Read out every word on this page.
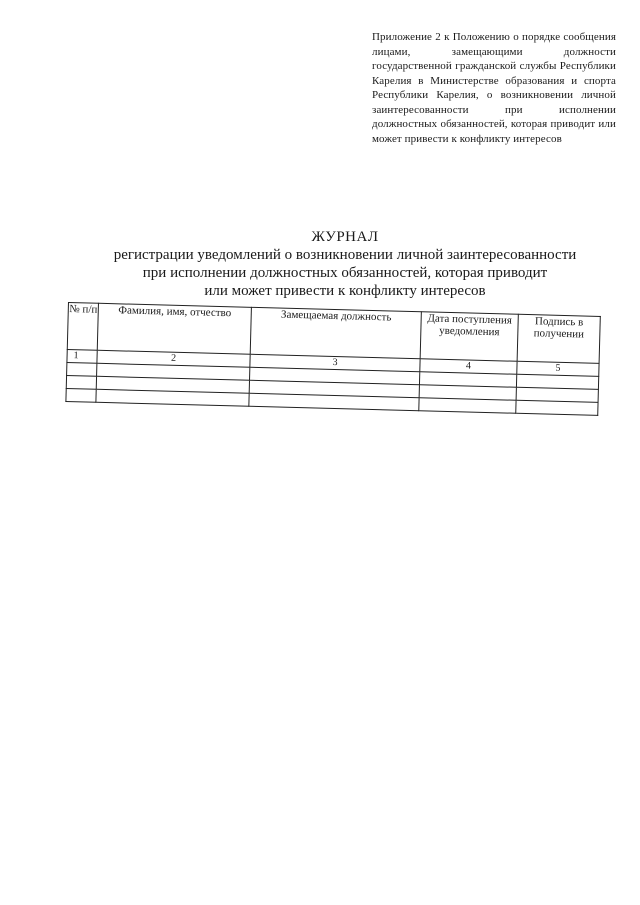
Приложение 2 к Положению о порядке сообщения лицами, замещающими должности государственной гражданской службы Республики Карелия в Министерстве образования и спорта Республики Карелия, о возникновении личной заинтересованности при исполнении должностных обязанностей, которая приводит или может привести к конфликту интересов
ЖУРНАЛ
регистрации уведомлений о возникновении личной заинтересованности
при исполнении должностных обязанностей, которая приводит
или может привести к конфликту интересов
№ п/п	Фамилия, имя, отчество	Замещаемая должность	Дата поступления уведомления	Подпись в получении
1	2	3	4	5
